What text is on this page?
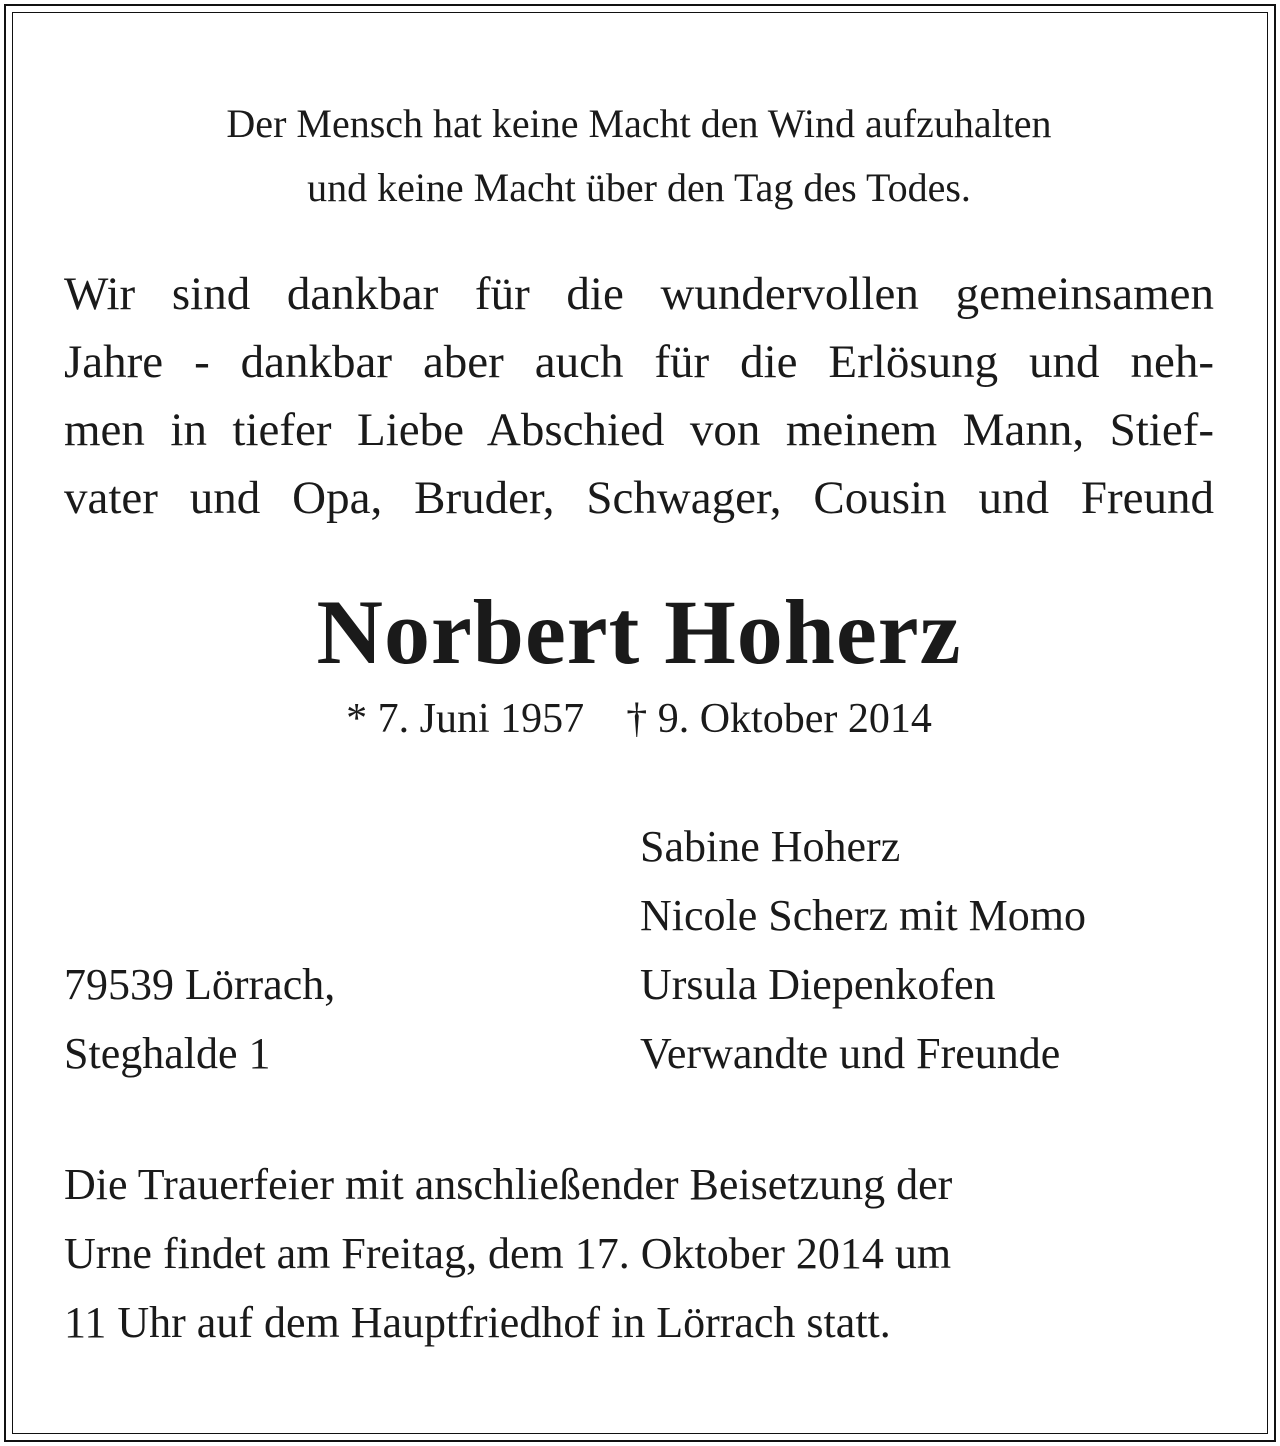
Der Mensch hat keine Macht den Wind aufzuhalten
und keine Macht über den Tag des Todes.

Wir sind dankbar für die wundervollen gemeinsamen
Jahre - dankbar aber auch für die Erlösung und neh-
men in tiefer Liebe Abschied von meinem Mann, Stief-
vater und Opa, Bruder, Schwager, Cousin und Freund

Norbert Hoherz

* 7. Juni 1957 † 9. Oktober 2014

79539 Lörrach,
Steghalde 1
Sabine Hoherz
Nicole Scherz mit Momo
Ursula Diepenkofen
Verwandte und Freunde

Die Trauerfeier mit anschließender Beisetzung der
Urne findet am Freitag, dem 17. Oktober 2014 um
11 Uhr auf dem Hauptfriedhof in Lörrach statt.
